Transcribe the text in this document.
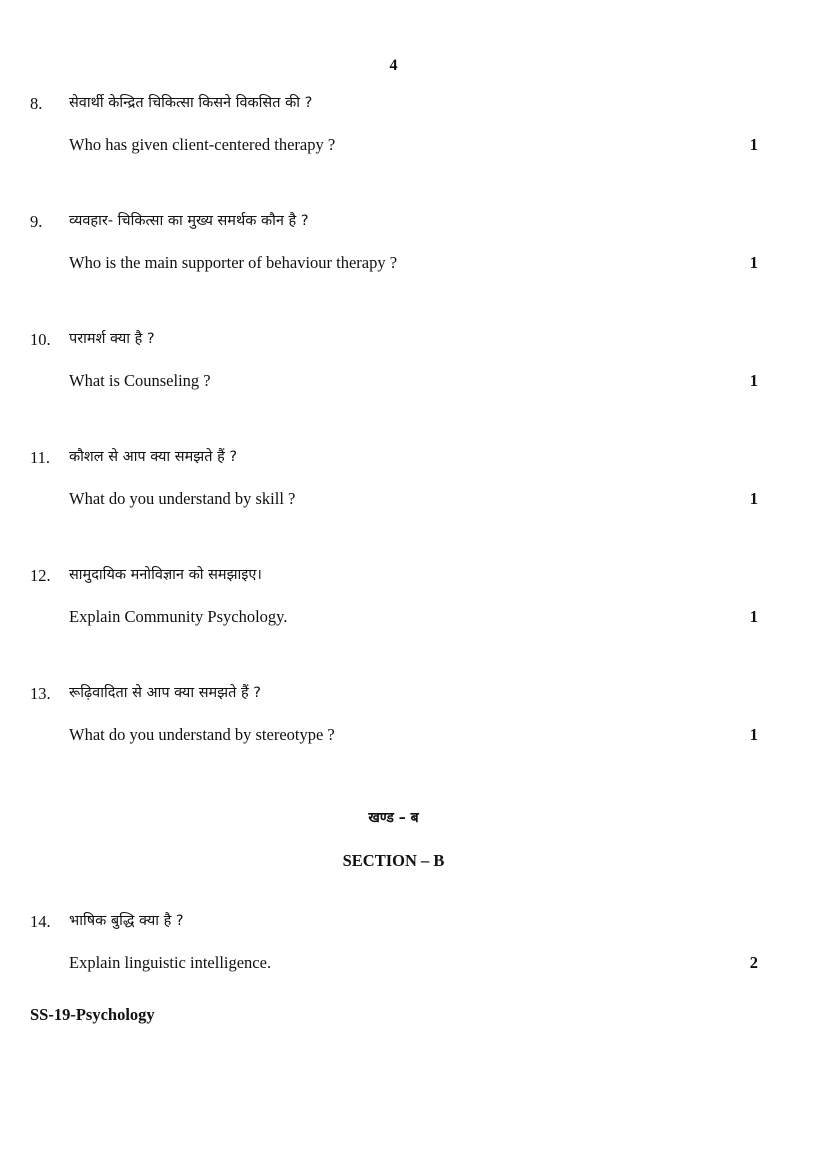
4
8. सेवार्थी केन्द्रित चिकित्सा किसने विकसित की ?
Who has given client-centered therapy ?	1
9. व्यवहार- चिकित्सा का मुख्य समर्थक कौन है ?
Who is the main supporter of behaviour therapy ?	1
10. परामर्श क्या है ?
What is Counseling ?	1
11. कौशल से आप क्या समझते हैं ?
What do you understand by skill ?	1
12. सामुदायिक मनोविज्ञान को समझाइए।
Explain Community Psychology.	1
13. रूढ़िवादिता से आप क्या समझते हैं ?
What do you understand by stereotype ?	1
खण्ड – ब
SECTION – B
14. भाषिक बुद्धि क्या है ?
Explain linguistic intelligence.	2
SS-19-Psychology
